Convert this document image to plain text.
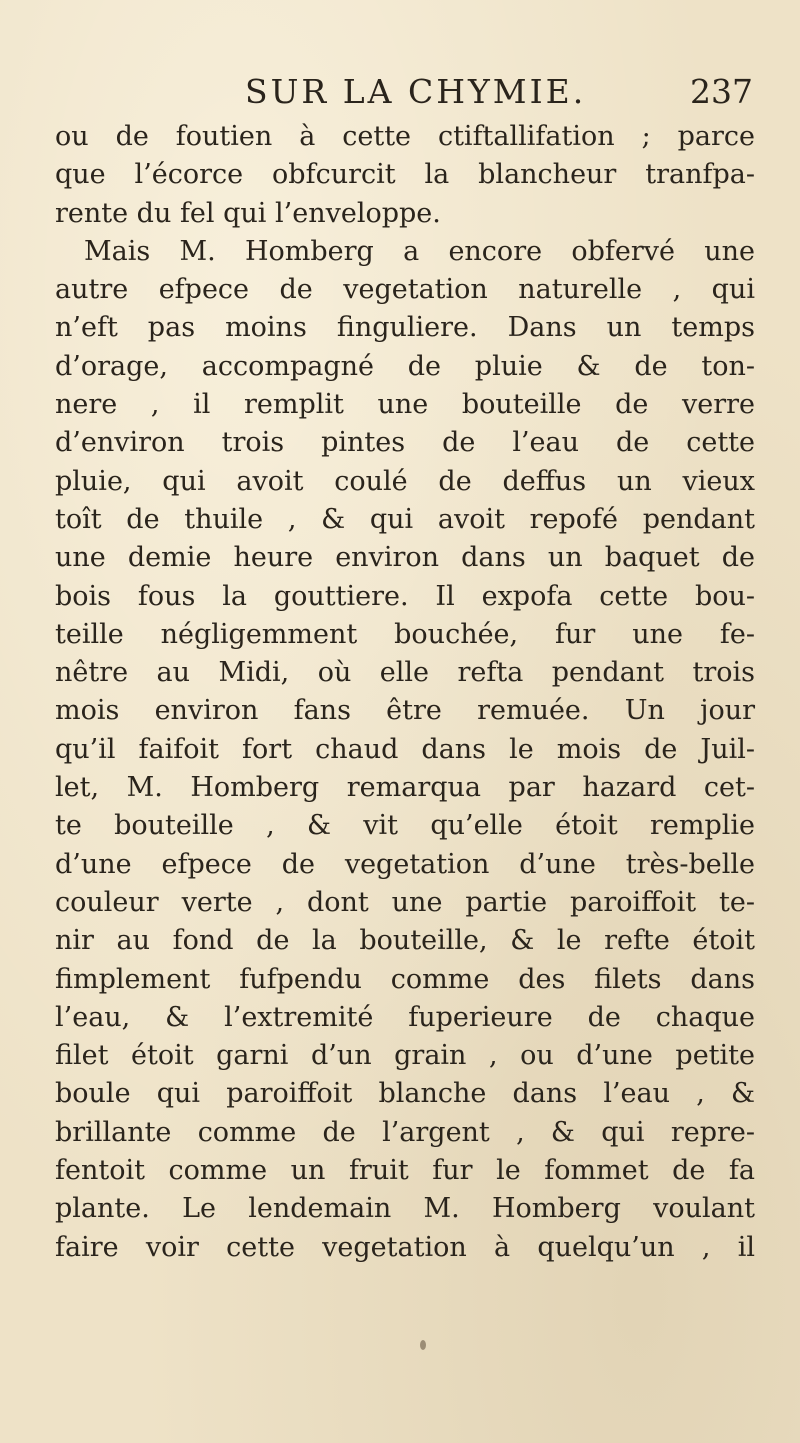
SUR LA CHYMIE.	237
ou de foutien à cette ctiftallifation ; parce
que l’écorce obfcurcit la blancheur tranfpa-
rente du fel qui l’enveloppe.
Mais M. Homberg a encore obfervé une
autre efpece de vegetation naturelle , qui
n’eft pas moins finguliere. Dans un temps
d’orage, accompagné de pluie & de ton-
nere , il remplit une bouteille de verre
d’environ trois pintes de l’eau de cette
pluie, qui avoit coulé de deffus un vieux
toît de thuile , & qui avoit repofé pendant
une demie heure environ dans un baquet de
bois fous la gouttiere. Il expofa cette bou-
teille négligemment bouchée, fur une fe-
nêtre au Midi, où elle refta pendant trois
mois environ fans être remuée. Un jour
qu’il faifoit fort chaud dans le mois de Juil-
let, M. Homberg remarqua par hazard cet-
te bouteille , & vit qu’elle étoit remplie
d’une efpece de vegetation d’une très-belle
couleur verte , dont une partie paroiffoit te-
nir au fond de la bouteille, & le refte étoit
fimplement fufpendu comme des filets dans
l’eau, & l’extremité fuperieure de chaque
filet étoit garni d’un grain , ou d’une petite
boule qui paroiffoit blanche dans l’eau , &
brillante comme de l’argent , & qui repre-
fentoit comme un fruit fur le fommet de fa
plante. Le lendemain M. Homberg voulant
faire voir cette vegetation à quelqu’un , il
